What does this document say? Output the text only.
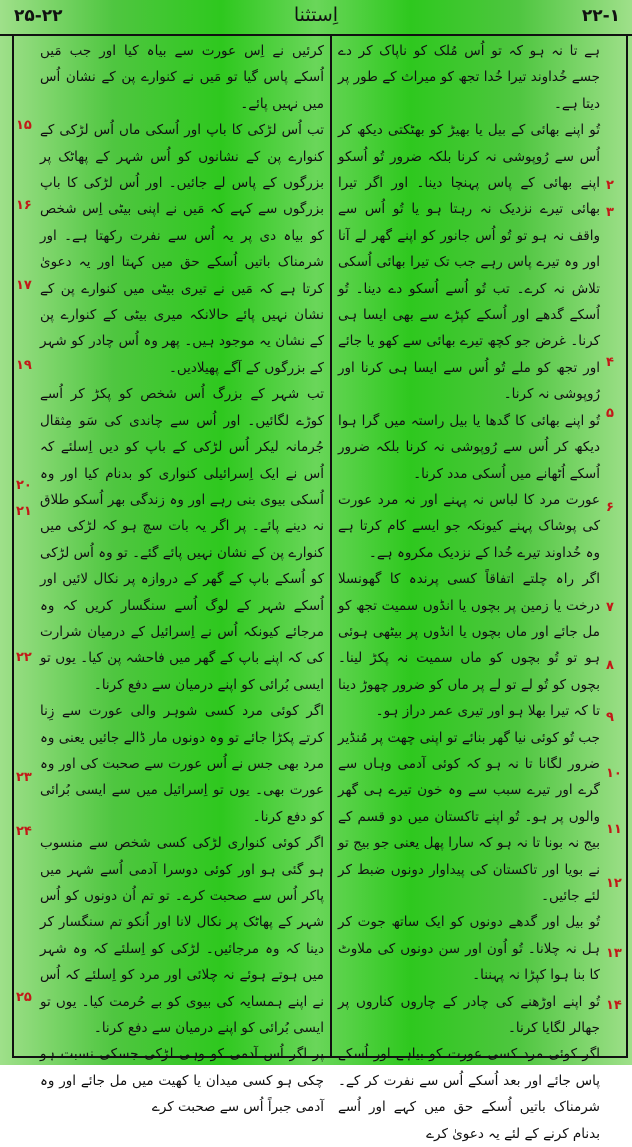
۲۵-۲۲	اِستثنا	۲۲-۱
۱۵
۱۶
۱۷
۱۹
۲۰
۲۱
۲۲
۲۳
۲۴
۲۵
۲
۳
۴
۵
۶
۷
۸
۹
۱۰
۱۱
۱۲
۱۳
۱۴

کرئیں نے اِس عورت سے بیاہ کیا اور جب مَیں اُسکے پاس گیا تو مَیں نے کنوارے پن کے نشان اُس میں نہیں پائے۔

تب اُس لڑکی کا باپ اور اُسکی ماں اُس لڑکی کے کنوارے پن کے نشانوں کو اُس شہر کے پھاٹک پر بزرگوں کے پاس لے جائیں۔ اور اُس لڑکی کا باپ بزرگوں سے کہے کہ مَیں نے اپنی بیٹی اِس شخص کو بیاہ دی پر یہ اُس سے نفرت رکھتا ہے۔ اور شرمناک باتیں اُسکے حق میں کہتا اور یہ دعویٰ کرتا ہے کہ مَیں نے تیری بیٹی میں کنوارے پن کے نشان نہیں پائے حالانکہ میری بیٹی کے کنوارے پن کے نشان یہ موجود ہیں۔ پھر وہ اُس چادر کو شہر کے بزرگوں کے آگے پھیلادیں۔

تب شہر کے بزرگ اُس شخص کو پکڑ کر اُسے کوڑے لگائیں۔ اور اُس سے چاندی کی سَو مِثقال جُرمانہ لیکر اُس لڑکی کے باپ کو دیں اِسلئے کہ اُس نے ایک اِسرائیلی کنواری کو بدنام کیا اور وہ اُسکی بیوی بنی رہے اور وہ زندگی بھر اُسکو طلاق نہ دینے پائے۔ پر اگر یہ بات سچ ہو کہ لڑکی میں کنوارے پن کے نشان نہیں پائے گئے۔ تو وہ اُس لڑکی کو اُسکے باپ کے گھر کے دروازہ پر نکال لائیں اور اُسکے شہر کے لوگ اُسے سنگسار کریں کہ وہ مرجائے کیونکہ اُس نے اِسرائیل کے درمیان شرارت کی کہ اپنے باپ کے گھر میں فاحشہ پن کیا۔ یوں تو ایسی بُرائی کو اپنے درمیان سے دفع کرنا۔

اگر کوئی مرد کسی شوہر والی عورت سے زِنا کرتے پکڑا جائے تو وہ دونوں مار ڈالے جائیں یعنی وہ مرد بھی جس نے اُس عورت سے صحبت کی اور وہ عورت بھی۔ یوں تو اِسرائیل میں سے ایسی بُرائی کو دفع کرنا۔

اگر کوئی کنواری لڑکی کسی شخص سے منسوب ہو گئی ہو اور کوئی دوسرا آدمی اُسے شہر میں پاکر اُس سے صحبت کرے۔ تو تم اُن دونوں کو اُس شہر کے پھاٹک پر نکال لانا اور اُنکو تم سنگسار کر دینا کہ وہ مرجائیں۔ لڑکی کو اِسلئے کہ وہ شہر میں ہوتے ہوئے نہ چلائی اور مرد کو اِسلئے کہ اُس نے اپنے ہمسایہ کی بیوی کو بے حُرمت کیا۔ یوں تو ایسی بُرائی کو اپنے درمیان سے دفع کرنا۔

پر اگر اُس آدمی کو وہی لڑکی جسکی نسبت ہو چکی ہو کسی میدان یا کھیت میں مل جائے اور وہ آدمی جبراً اُس سے صحبت کرے

ہے تا نہ ہو کہ تو اُس مُلک کو ناپاک کر دے جسے خُداوند تیرا خُدا تجھ کو میراث کے طور پر دیتا ہے۔

تُو اپنے بھائی کے بیل یا بھیڑ کو بھٹکتی دیکھ کر اُس سے رُوپوشی نہ کرنا بلکہ ضرور تُو اُسکو اپنے بھائی کے پاس پہنچا دینا۔ اور اگر تیرا بھائی تیرے نزدیک نہ رہتا ہو یا تُو اُس سے واقف نہ ہو تو تُو اُس جانور کو اپنے گھر لے آنا اور وہ تیرے پاس رہے جب تک تیرا بھائی اُسکی تلاش نہ کرے۔ تب تُو اُسے اُسکو دے دینا۔ تُو اُسکے گدھے اور اُسکے کپڑے سے بھی ایسا ہی کرنا۔ غرض جو کچھ تیرے بھائی سے کھو یا جائے اور تجھ کو ملے تُو اُس سے ایسا ہی کرنا اور رُوپوشی نہ کرنا۔

تُو اپنے بھائی کا گدھا یا بیل راستہ میں گرا ہوا دیکھ کر اُس سے رُوپوشی نہ کرنا بلکہ ضرور اُسکے اُٹھانے میں اُسکی مدد کرنا۔

عورت مرد کا لباس نہ پہنے اور نہ مرد عورت کی پوشاک پہنے کیونکہ جو ایسے کام کرتا ہے وہ خُداوند تیرے خُدا کے نزدیک مکروہ ہے۔

اگر راہ چلتے اتفاقاً کسی پرندہ کا گھونسلا درخت یا زمین پر بچوں یا انڈوں سمیت تجھ کو مل جائے اور ماں بچوں یا انڈوں پر بیٹھی ہوئی ہو تو تُو بچوں کو ماں سمیت نہ پکڑ لینا۔ بچوں کو تُو لے تو لے پر ماں کو ضرور چھوڑ دینا تا کہ تیرا بھلا ہو اور تیری عمر دراز ہو۔

جب تُو کوئی نیا گھر بنائے تو اپنی چھت پر مُنڈیر ضرور لگانا تا نہ ہو کہ کوئی آدمی وہاں سے گرے اور تیرے سبب سے وہ خون تیرے ہی گھر والوں پر ہو۔ تُو اپنے تاکستان میں دو قسم کے بیج نہ بونا تا نہ ہو کہ سارا پھل یعنی جو بیج تو نے بویا اور تاکستان کی پیداوار دونوں ضبط کر لئے جائیں۔

تُو بیل اور گدھے دونوں کو ایک ساتھ جوت کر ہل نہ چلانا۔ تُو اُون اور سن دونوں کی ملاوٹ کا بنا ہوا کپڑا نہ پہننا۔

تُو اپنے اوڑھنے کی چادر کے چاروں کناروں پر جھالر لگایا کرنا۔

اگر کوئی مرد کسی عورت کو بیاہے اور اُسکے پاس جائے اور بعد اُسکے اُس سے نفرت کر کے۔ شرمناک باتیں اُسکے حق میں کہے اور اُسے بدنام کرنے کے لئے یہ دعویٰ کرے
